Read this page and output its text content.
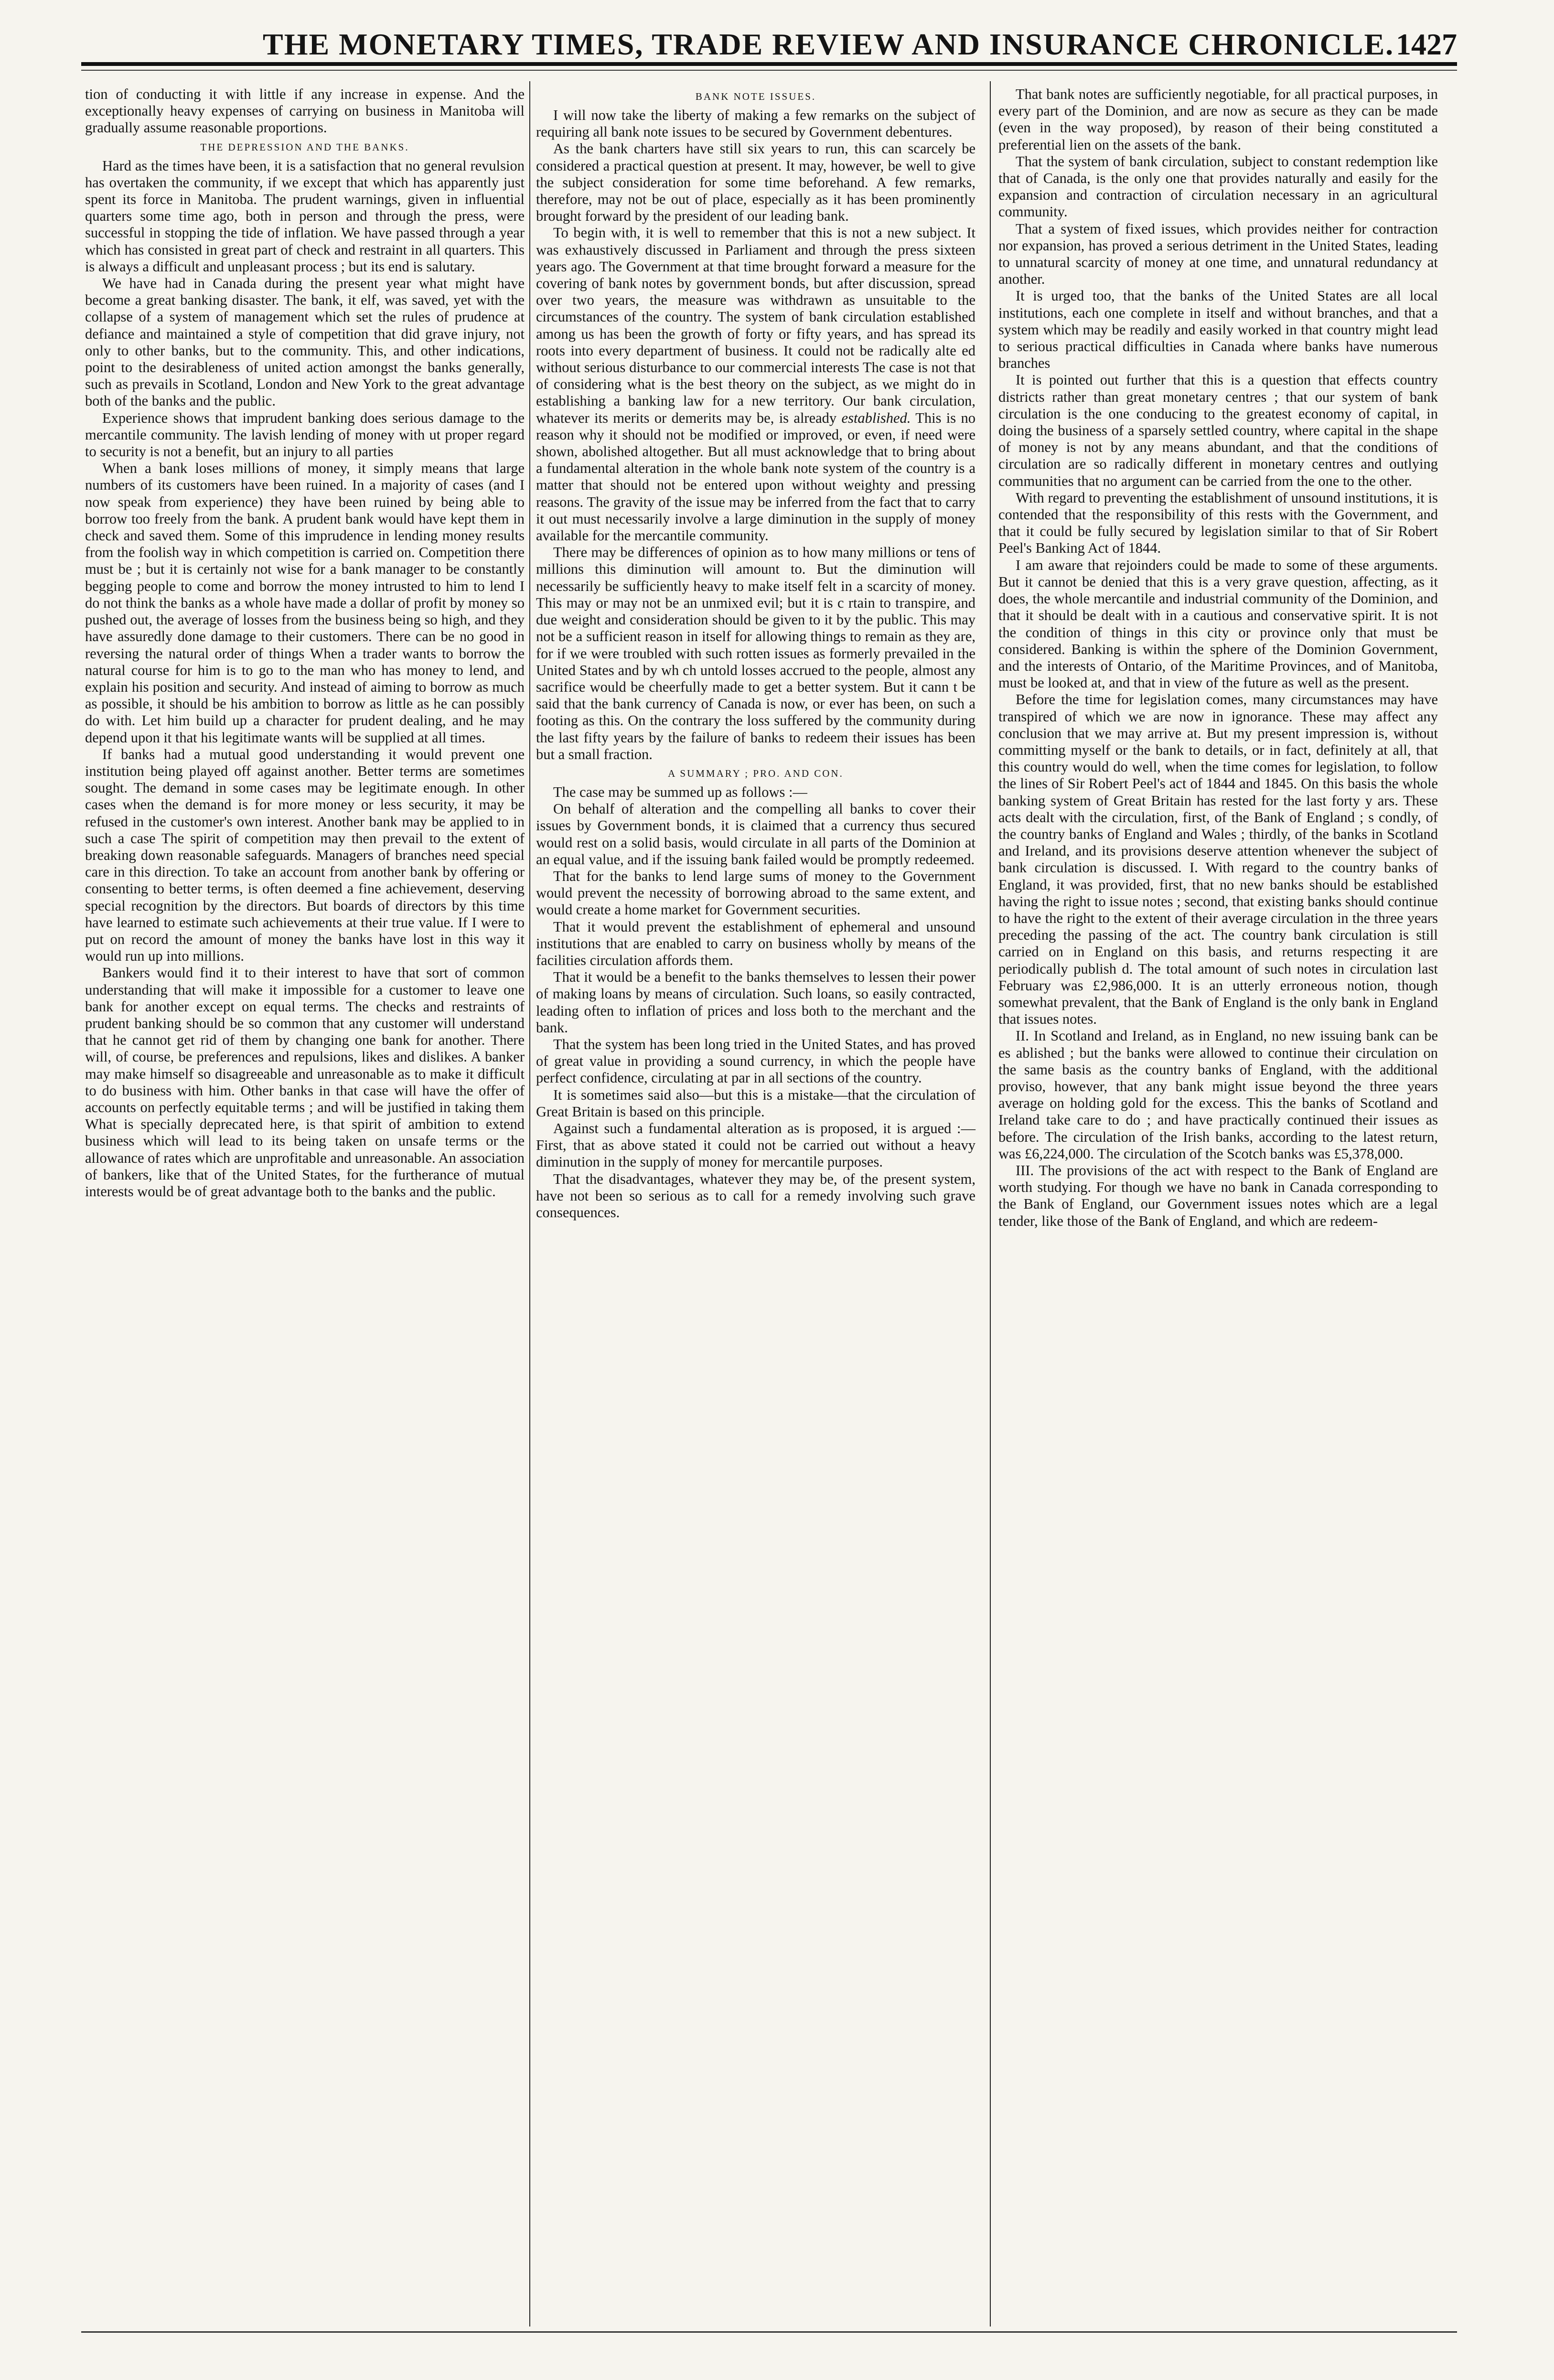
THE MONETARY TIMES, TRADE REVIEW AND INSURANCE CHRONICLE. 1427

tion of conducting it with little if any increase in expense. And the exceptionally heavy expenses of carrying on business in Manitoba will gradually assume reasonable proportions.

THE DEPRESSION AND THE BANKS.

Hard as the times have been, it is a satisfaction that no general revulsion has overtaken the community, if we except that which has apparently just spent its force in Manitoba. The prudent warnings, given in influential quarters some time ago, both in person and through the press, were successful in stopping the tide of inflation. We have passed through a year which has consisted in great part of check and restraint in all quarters. This is always a difficult and unpleasant process ; but its end is salutary.

We have had in Canada during the present year what might have become a great banking disaster. The bank, it elf, was saved, yet with the collapse of a system of management which set the rules of prudence at defiance and maintained a style of competition that did grave injury, not only to other banks, but to the community. This, and other indications, point to the desirableness of united action amongst the banks generally, such as prevails in Scotland, London and New York to the great advantage both of the banks and the public.

Experience shows that imprudent banking does serious damage to the mercantile community. The lavish lending of money with ut proper regard to security is not a benefit, but an injury to all parties

When a bank loses millions of money, it simply means that large numbers of its customers have been ruined. In a majority of cases (and I now speak from experience) they have been ruined by being able to borrow too freely from the bank. A prudent bank would have kept them in check and saved them. Some of this imprudence in lending money results from the foolish way in which competition is carried on. Competition there must be ; but it is certainly not wise for a bank manager to be constantly begging people to come and borrow the money intrusted to him to lend I do not think the banks as a whole have made a dollar of profit by money so pushed out, the average of losses from the business being so high, and they have assuredly done damage to their customers. There can be no good in reversing the natural order of things When a trader wants to borrow the natural course for him is to go to the man who has money to lend, and explain his position and security. And instead of aiming to borrow as much as possible, it should be his ambition to borrow as little as he can possibly do with. Let him build up a character for prudent dealing, and he may depend upon it that his legitimate wants will be supplied at all times.

If banks had a mutual good understanding it would prevent one institution being played off against another. Better terms are sometimes sought. The demand in some cases may be legitimate enough. In other cases when the demand is for more money or less security, it may be refused in the customer's own interest. Another bank may be applied to in such a case The spirit of competition may then prevail to the extent of breaking down reasonable safeguards. Managers of branches need special care in this direction. To take an account from another bank by offering or consenting to better terms, is often deemed a fine achievement, deserving special recognition by the directors. But boards of directors by this time have learned to estimate such achievements at their true value. If I were to put on record the amount of money the banks have lost in this way it would run up into millions.

Bankers would find it to their interest to have that sort of common understanding that will make it impossible for a customer to leave one bank for another except on equal terms. The checks and restraints of prudent banking should be so common that any customer will understand that he cannot get rid of them by changing one bank for another. There will, of course, be preferences and repulsions, likes and dislikes. A banker may make himself so disagreeable and unreasonable as to make it difficult to do business with him. Other banks in that case will have the offer of accounts on perfectly equitable terms ; and will be justified in taking them What is specially deprecated here, is that spirit of ambition to extend business which will lead to its being taken on unsafe terms or the allowance of rates which are unprofitable and unreasonable. An association of bankers, like that of the United States, for the furtherance of mutual interests would be of great advantage both to the banks and the public.

BANK NOTE ISSUES.

I will now take the liberty of making a few remarks on the subject of requiring all bank note issues to be secured by Government debentures.

As the bank charters have still six years to run, this can scarcely be considered a practical question at present. It may, however, be well to give the subject consideration for some time beforehand. A few remarks, therefore, may not be out of place, especially as it has been prominently brought forward by the president of our leading bank.

To begin with, it is well to remember that this is not a new subject. It was exhaustively discussed in Parliament and through the press sixteen years ago. The Government at that time brought forward a measure for the covering of bank notes by government bonds, but after discussion, spread over two years, the measure was withdrawn as unsuitable to the circumstances of the country. The system of bank circulation established among us has been the growth of forty or fifty years, and has spread its roots into every department of business. It could not be radically alte ed without serious disturbance to our commercial interests The case is not that of considering what is the best theory on the subject, as we might do in establishing a banking law for a new territory. Our bank circulation, whatever its merits or demerits may be, is already established. This is no reason why it should not be modified or improved, or even, if need were shown, abolished altogether. But all must acknowledge that to bring about a fundamental alteration in the whole bank note system of the country is a matter that should not be entered upon without weighty and pressing reasons. The gravity of the issue may be inferred from the fact that to carry it out must necessarily involve a large diminution in the supply of money available for the mercantile community.

There may be differences of opinion as to how many millions or tens of millions this diminution will amount to. But the diminution will necessarily be sufficiently heavy to make itself felt in a scarcity of money. This may or may not be an unmixed evil; but it is c rtain to transpire, and due weight and consideration should be given to it by the public. This may not be a sufficient reason in itself for allowing things to remain as they are, for if we were troubled with such rotten issues as formerly prevailed in the United States and by wh ch untold losses accrued to the people, almost any sacrifice would be cheerfully made to get a better system. But it cann t be said that the bank currency of Canada is now, or ever has been, on such a footing as this. On the contrary the loss suffered by the community during the last fifty years by the failure of banks to redeem their issues has been but a small fraction.

A SUMMARY ; PRO. AND CON.

The case may be summed up as follows :—

On behalf of alteration and the compelling all banks to cover their issues by Government bonds, it is claimed that a currency thus secured would rest on a solid basis, would circulate in all parts of the Dominion at an equal value, and if the issuing bank failed would be promptly redeemed.

That for the banks to lend large sums of money to the Government would prevent the necessity of borrowing abroad to the same extent, and would create a home market for Government securities.

That it would prevent the establishment of ephemeral and unsound institutions that are enabled to carry on business wholly by means of the facilities circulation affords them.

That it would be a benefit to the banks themselves to lessen their power of making loans by means of circulation. Such loans, so easily contracted, leading often to inflation of prices and loss both to the merchant and the bank.

That the system has been long tried in the United States, and has proved of great value in providing a sound currency, in which the people have perfect confidence, circulating at par in all sections of the country.

It is sometimes said also—but this is a mistake—that the circulation of Great Britain is based on this principle.

Against such a fundamental alteration as is proposed, it is argued :—First, that as above stated it could not be carried out without a heavy diminution in the supply of money for mercantile purposes.

That the disadvantages, whatever they may be, of the present system, have not been so serious as to call for a remedy involving such grave consequences.

That bank notes are sufficiently negotiable, for all practical purposes, in every part of the Dominion, and are now as secure as they can be made (even in the way proposed), by reason of their being constituted a preferential lien on the assets of the bank.

That the system of bank circulation, subject to constant redemption like that of Canada, is the only one that provides naturally and easily for the expansion and contraction of circulation necessary in an agricultural community.

That a system of fixed issues, which provides neither for contraction nor expansion, has proved a serious detriment in the United States, leading to unnatural scarcity of money at one time, and unnatural redundancy at another.

It is urged too, that the banks of the United States are all local institutions, each one complete in itself and without branches, and that a system which may be readily and easily worked in that country might lead to serious practical difficulties in Canada where banks have numerous branches

It is pointed out further that this is a question that effects country districts rather than great monetary centres ; that our system of bank circulation is the one conducing to the greatest economy of capital, in doing the business of a sparsely settled country, where capital in the shape of money is not by any means abundant, and that the conditions of circulation are so radically different in monetary centres and outlying communities that no argument can be carried from the one to the other.

With regard to preventing the establishment of unsound institutions, it is contended that the responsibility of this rests with the Government, and that it could be fully secured by legislation similar to that of Sir Robert Peel's Banking Act of 1844.

I am aware that rejoinders could be made to some of these arguments. But it cannot be denied that this is a very grave question, affecting, as it does, the whole mercantile and industrial community of the Dominion, and that it should be dealt with in a cautious and conservative spirit. It is not the condition of things in this city or province only that must be considered. Banking is within the sphere of the Dominion Government, and the interests of Ontario, of the Maritime Provinces, and of Manitoba, must be looked at, and that in view of the future as well as the present.

Before the time for legislation comes, many circumstances may have transpired of which we are now in ignorance. These may affect any conclusion that we may arrive at. But my present impression is, without committing myself or the bank to details, or in fact, definitely at all, that this country would do well, when the time comes for legislation, to follow the lines of Sir Robert Peel's act of 1844 and 1845. On this basis the whole banking system of Great Britain has rested for the last forty y ars. These acts dealt with the circulation, first, of the Bank of England ; s condly, of the country banks of England and Wales ; thirdly, of the banks in Scotland and Ireland, and its provisions deserve attention whenever the subject of bank circulation is discussed. I. With regard to the country banks of England, it was provided, first, that no new banks should be established having the right to issue notes ; second, that existing banks should continue to have the right to the extent of their average circulation in the three years preceding the passing of the act. The country bank circulation is still carried on in England on this basis, and returns respecting it are periodically publish d. The total amount of such notes in circulation last February was £2,986,000. It is an utterly erroneous notion, though somewhat prevalent, that the Bank of England is the only bank in England that issues notes.

II. In Scotland and Ireland, as in England, no new issuing bank can be es ablished ; but the banks were allowed to continue their circulation on the same basis as the country banks of England, with the additional proviso, however, that any bank might issue beyond the three years average on holding gold for the excess. This the banks of Scotland and Ireland take care to do ; and have practically continued their issues as before. The circulation of the Irish banks, according to the latest return, was £6,224,000. The circulation of the Scotch banks was £5,378,000.

III. The provisions of the act with respect to the Bank of England are worth studying. For though we have no bank in Canada corresponding to the Bank of England, our Government issues notes which are a legal tender, like those of the Bank of England, and which are redeem-
